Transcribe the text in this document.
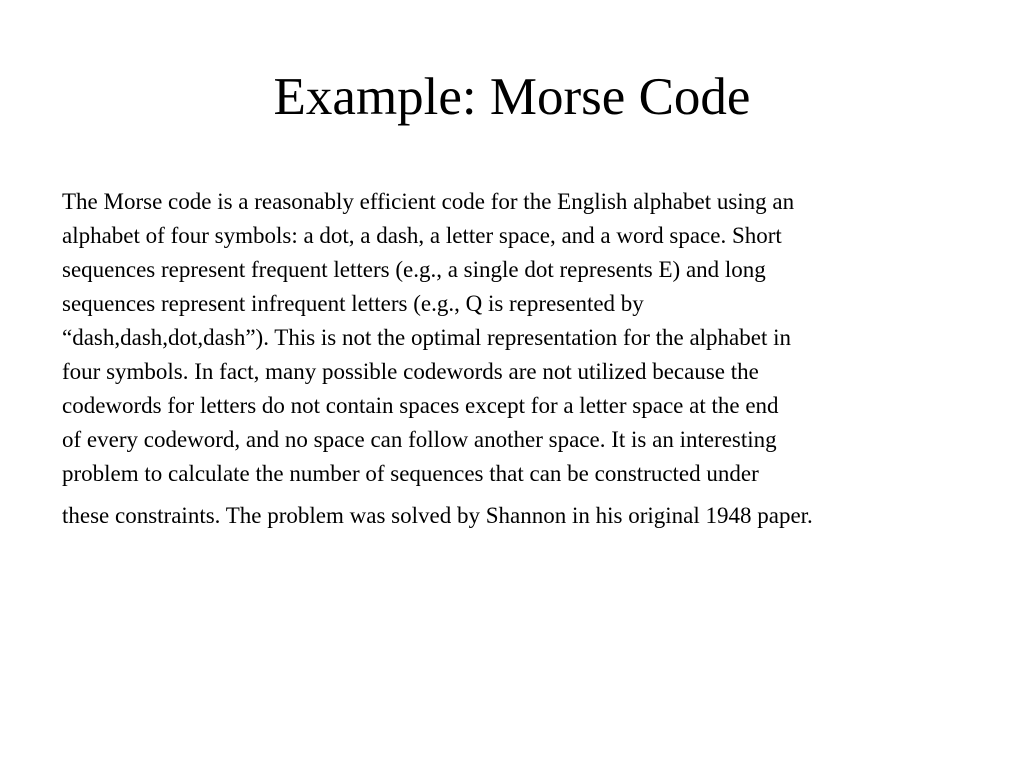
Example: Morse Code
The Morse code is a reasonably efficient code for the English alphabet using an
alphabet of four symbols: a dot, a dash, a letter space, and a word space. Short
sequences represent frequent letters (e.g., a single dot represents E) and long
sequences represent infrequent letters (e.g., Q is represented by
“dash,dash,dot,dash”). This is not the optimal representation for the alphabet in
four symbols. In fact, many possible codewords are not utilized because the
codewords for letters do not contain spaces except for a letter space at the end
of every codeword, and no space can follow another space. It is an interesting
problem to calculate the number of sequences that can be constructed under
these constraints. The problem was solved by Shannon in his original 1948 paper.
